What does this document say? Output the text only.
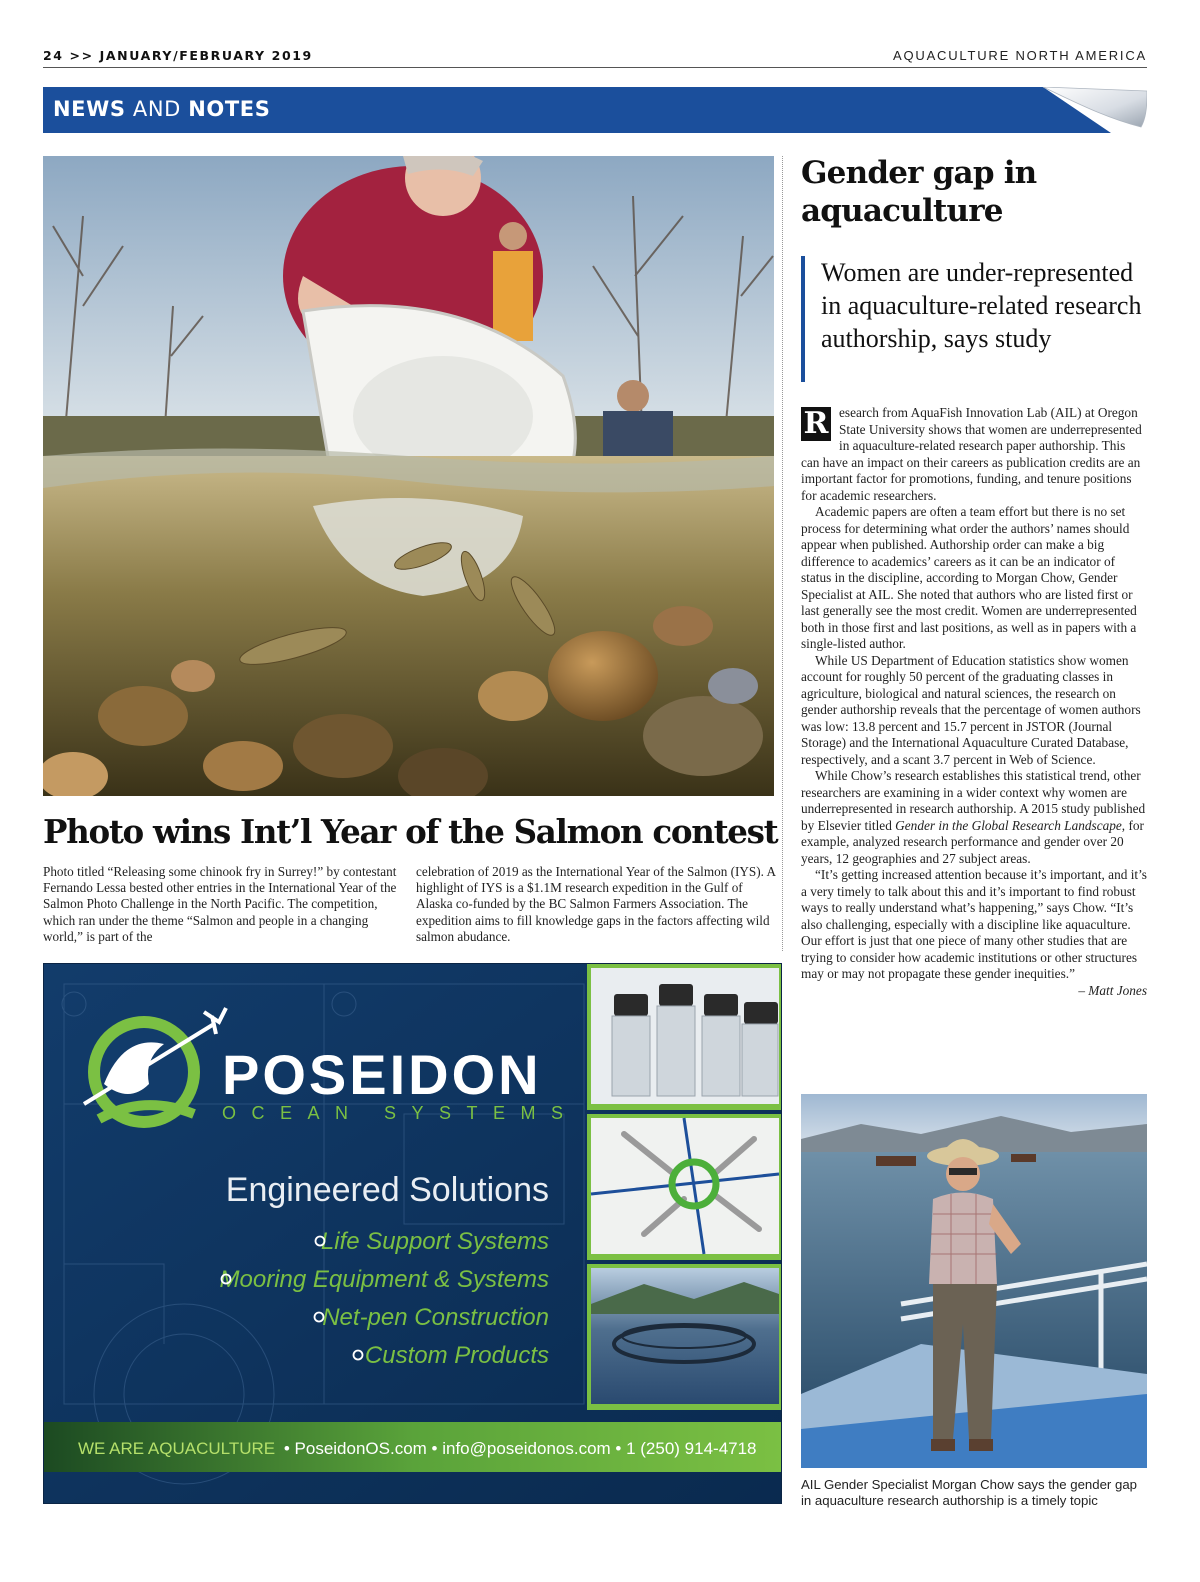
24 >> JANUARY/FEBRUARY 2019	AQUACULTURE NORTH AMERICA
NEWS AND NOTES
Photo wins Int’l Year of the Salmon contest

Photo titled “Releasing some chinook fry in Surrey!” by contestant Fernando Lessa bested other entries in the International Year of the Salmon Photo Challenge in the North Pacific. The competition, which ran under the theme “Salmon and people in a changing world,” is part of the

celebration of 2019 as the International Year of the Salmon (IYS). A highlight of IYS is a $1.1M research expedition in the Gulf of Alaska co-funded by the BC Salmon Farmers Association. The expedition aims to fill knowledge gaps in the factors affecting wild salmon abudance.

POSEIDON
OCEAN SYSTEMS
Engineered Solutions
Life Support Systems
Mooring Equipment & Systems
Net-pen Construction
Custom Products
WE ARE AQUACULTURE • PoseidonOS.com • info@poseidonos.com • 1 (250) 914-4718
Gender gap in aquaculture
Women are under-represented in aquaculture-related research authorship, says study

R esearch from AquaFish Innovation Lab (AIL) at Oregon State University shows that women are underrepresented in aquaculture-related research paper authorship. This can have an impact on their careers as publication credits are an important factor for promotions, funding, and tenure positions for academic researchers.

Academic papers are often a team effort but there is no set process for determining what order the authors’ names should appear when published. Authorship order can make a big difference to academics’ careers as it can be an indicator of status in the discipline, according to Morgan Chow, Gender Specialist at AIL. She noted that authors who are listed first or last generally see the most credit. Women are underrepresented both in those first and last positions, as well as in papers with a single-listed author.

While US Department of Education statistics show women account for roughly 50 percent of the graduating classes in agriculture, biological and natural sciences, the research on gender authorship reveals that the percentage of women authors was low: 13.8 percent and 15.7 percent in JSTOR (Journal Storage) and the International Aquaculture Curated Database, respectively, and a scant 3.7 percent in Web of Science.

While Chow’s research establishes this statistical trend, other researchers are examining in a wider context why women are underrepresented in research authorship. A 2015 study published by Elsevier titled Gender in the Global Research Landscape, for example, analyzed research performance and gender over 20 years, 12 geographies and 27 subject areas.

“It’s getting increased attention because it’s important, and it’s a very timely to talk about this and it’s important to find robust ways to really understand what’s happening,” says Chow. “It’s also challenging, especially with a discipline like aquaculture. Our effort is just that one piece of many other studies that are trying to consider how academic institutions or other structures may or may not propagate these gender inequities.”

– Matt Jones

AIL Gender Specialist Morgan Chow says the gender gap in aquaculture research authorship is a timely topic
